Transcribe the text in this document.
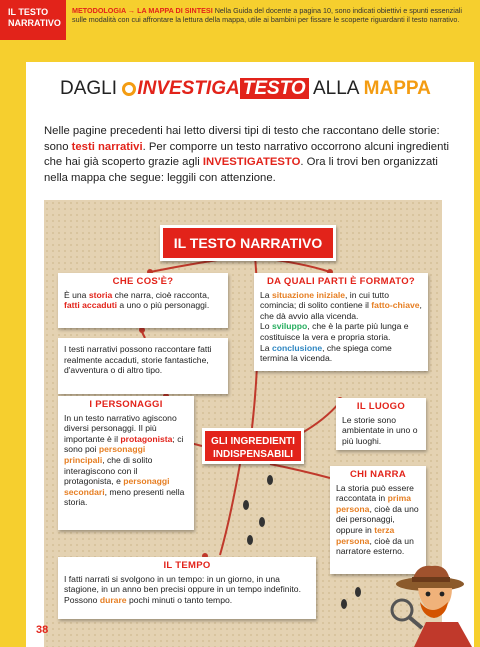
IL TESTO
NARRATIVO
METODOLOGIA → LA MAPPA DI SINTESI Nella Guida del docente a pagina 10, sono indicati obiettivi e spunti essenziali sulle modalità con cui affrontare la lettura della mappa, utile ai bambini per fissare le scoperte riguardanti il testo narrativo.
DAGLI INVESTIGA TESTO ALLA MAPPA
Nelle pagine precedenti hai letto diversi tipi di testo che raccontano delle storie: sono testi narrativi. Per comporre un testo narrativo occorrono alcuni ingredienti che hai già scoperto grazie agli INVESTIGATESTO. Ora li trovi ben organizzati nella mappa che segue: leggili con attenzione.
IL TESTO NARRATIVO
CHE COS'È?
È una storia che narra, cioè racconta, fatti accaduti a uno o più personaggi.
I testi narrativi possono raccontare fatti realmente accaduti, storie fantastiche, d'avventura o di altro tipo.
DA QUALI PARTI È FORMATO?
La situazione iniziale, in cui tutto comincia; di solito contiene il fatto-chiave, che dà avvio alla vicenda.
Lo sviluppo, che è la parte più lunga e costituisce la vera e propria storia.
La conclusione, che spiega come termina la vicenda.
IL LUOGO
Le storie sono ambientate in uno o più luoghi.
I PERSONAGGI
In un testo narrativo agiscono diversi personaggi. Il più importante è il protagonista; ci sono poi personaggi principali, che di solito interagiscono con il protagonista, e personaggi secondari, meno presenti nella storia.
GLI INGREDIENTI
INDISPENSABILI
CHI NARRA
La storia può essere raccontata in prima persona, cioè da uno dei personaggi, oppure in terza persona, cioè da un narratore esterno.
IL TEMPO
I fatti narrati si svolgono in un tempo: in un giorno, in una stagione, in un anno ben precisi oppure in un tempo indefinito. Possono durare pochi minuti o tanto tempo.
38
